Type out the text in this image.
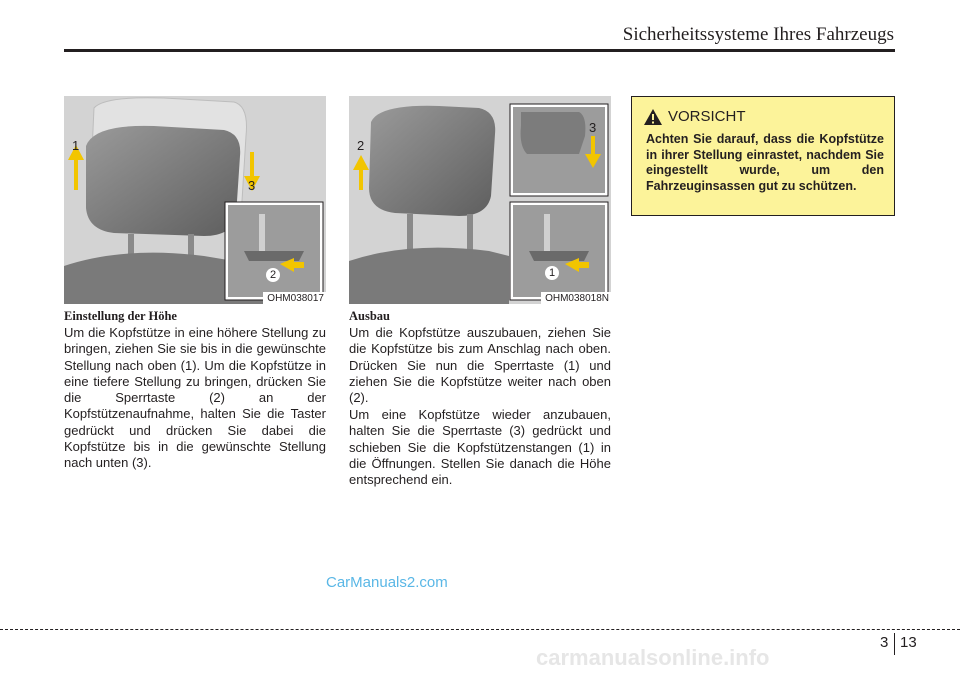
Sicherheitssysteme Ihres Fahrzeugs
1
2
3
OHM038017
1
2
3
OHM038018N
Einstellung der Höhe

Um die Kopfstütze in eine höhere Stellung zu bringen, ziehen Sie sie bis in die gewünschte Stellung nach oben (1). Um die Kopfstütze in eine tiefere Stellung zu bringen, drücken Sie die Sperrtaste (2) an der Kopfstützenaufnahme, halten Sie die Taster gedrückt und drücken Sie dabei die Kopfstütze bis in die gewünschte Stellung nach unten (3).

Ausbau

Um die Kopfstütze auszubauen, ziehen Sie die Kopfstütze bis zum Anschlag nach oben. Drücken Sie nun die Sperrtaste (1) und ziehen Sie die Kopfstütze weiter nach oben (2).

Um eine Kopfstütze wieder anzubauen, halten Sie die Sperrtaste (3) gedrückt und schieben Sie die Kopfstützenstangen (1) in die Öffnungen. Stellen Sie danach die Höhe entsprechend ein.

VORSICHT

Achten Sie darauf, dass die Kopfstütze in ihrer Stellung einrastet, nachdem Sie eingestellt wurde, um den Fahrzeuginsassen gut zu schützen.

CarManuals2.com
3 13
carmanualsonline.info
